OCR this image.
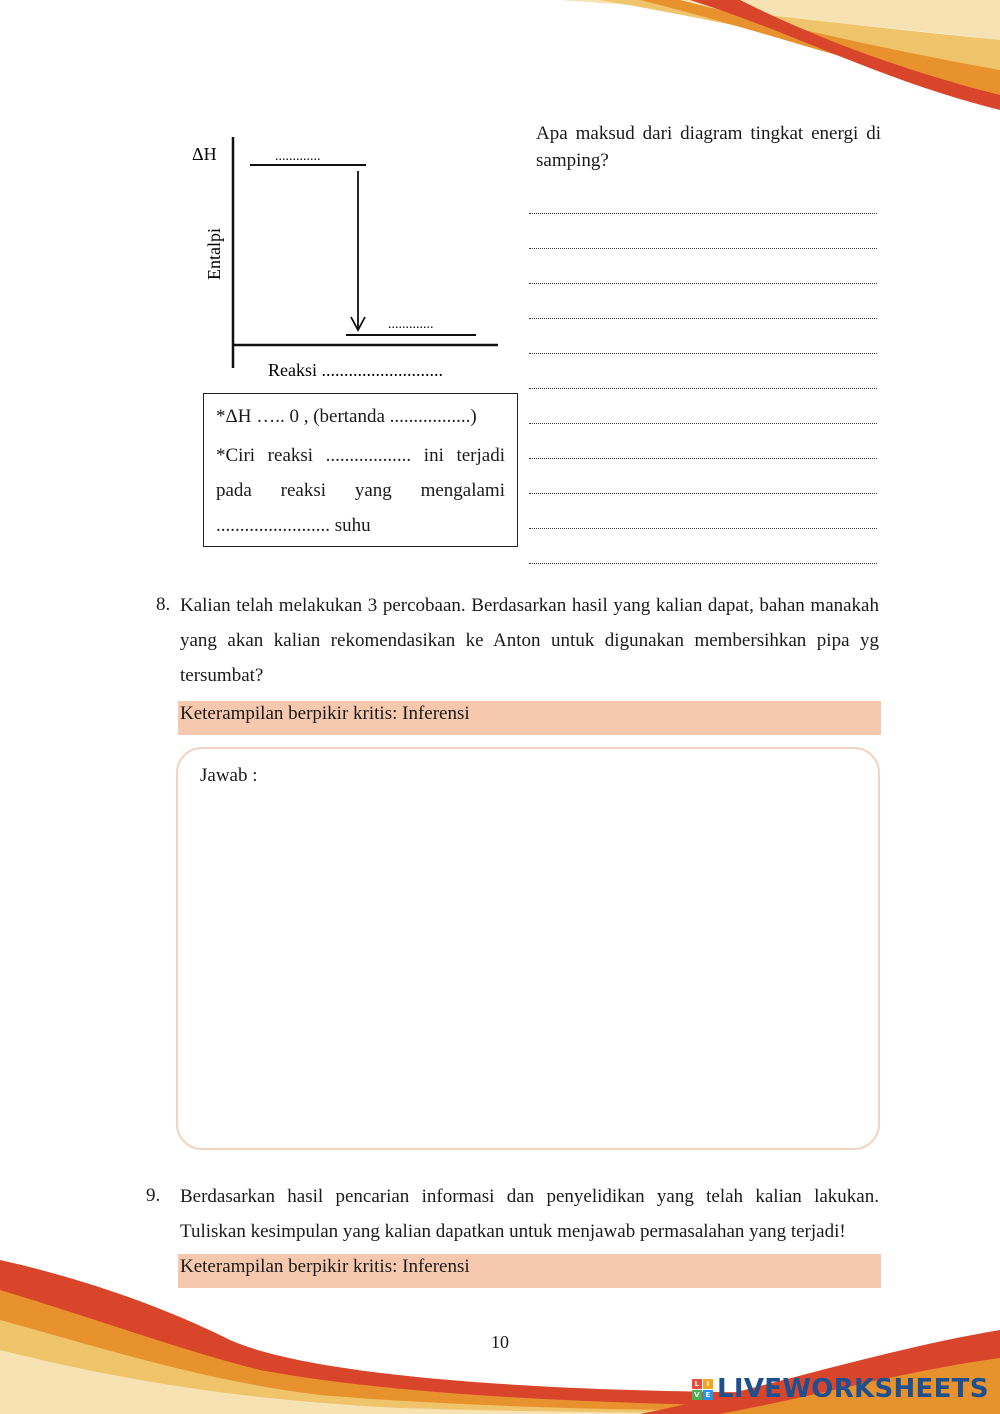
ΔH	.............
.............
Entalpi
Reaksi ...........................
*ΔH ….. 0 , (bertanda .................)
*Ciri reaksi .................. ini terjadi pada reaksi yang mengalami
........................ suhu
Apa maksud dari diagram tingkat energi di samping?
8. Kalian telah melakukan 3 percobaan. Berdasarkan hasil yang kalian dapat, bahan manakah yang akan kalian rekomendasikan ke Anton untuk digunakan membersihkan pipa yg tersumbat?
Keterampilan berpikir kritis: Inferensi
Jawab :
9. Berdasarkan hasil pencarian informasi dan penyelidikan yang telah kalian lakukan. Tuliskan kesimpulan yang kalian dapatkan untuk menjawab permasalahan yang terjadi!
Keterampilan berpikir kritis: Inferensi
10
L	I
V E LIVEWORKSHEETS
